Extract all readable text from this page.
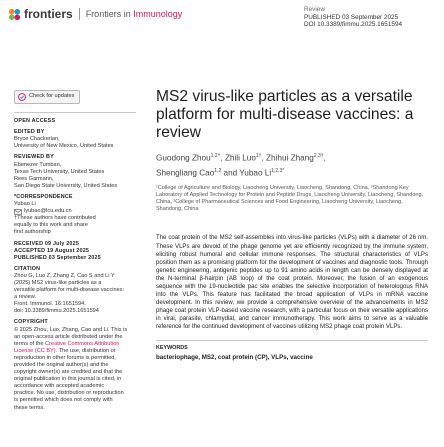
frontiers Frontiers in Immunology	Review
PUBLISHED 03 September 2025
DOI 10.3389/fimmu.2025.1651594
Check for updates
OPEN ACCESS
EDITED BY
Bryce Chackerian,
University of New Mexico, United States
REVIEWED BY
Ebenezer Tumban,
Texas Tech University, United States
Rees Garmann,
San Diego State University, United States
*CORRESPONDENCE
Yubao Li
lyubao@lcu.edu.cn
†These authors have contributed
equally to this work and share
first authorship
RECEIVED 09 July 2025
ACCEPTED 19 August 2025
PUBLISHED 03 September 2025
CITATION
Zhou G, Luo Z, Zhang Z, Cao S and Li Y
(2025) MS2 virus-like particles as a
versatile platform for multi-disease vaccines:
a review.
Front. Immunol. 16:1651594.
doi: 10.3389/fimmu.2025.1651594
COPYRIGHT
© 2025 Zhou, Luo, Zhang, Cao and Li. This is
an open-access article distributed under the
terms of the Creative Commons Attribution
License (CC BY). The use, distribution or
reproduction in other forums is permitted,
provided the original author(s) and the
copyright owner(s) are credited and that the
original publication in this journal is cited, in
accordance with accepted academic
practice. No use, distribution or reproduction
is permitted which does not comply with
these terms.
MS2 virus-like particles as a versatile platform for multi-disease vaccines: a review
Guodong Zhou$^{1,2\dagger}$, Zhili Luo$^{1\dagger}$, Zhihui Zhang$^{2,3\dagger}$,
Shengliang Cao$^{1,2}$ and Yubao $Li^{1,2,3*}$
¹College of Agriculture and Biology, Liaocheng University, Liaocheng, Shandong, China, ²Shandong Key Laboratory of Applied Technology for Protein and Peptide Drugs, Liaocheng University, Liaocheng, Shandong, China, ³College of Pharmaceutical Sciences and Food Engineering, Liaocheng University, Liaocheng, Shandong, China
The coat protein of the MS2 self-assembles into virus-like particles (VLPs) with a diameter of 26 nm. These VLPs are devoid of the phage genome yet are efficiently recognized by the immune system, eliciting robust humoral and cellular immune responses. The structural characteristics of VLPs position them as a promising platform for the development of vaccines and diagnostic tools. Through genetic engineering, antigenic peptides up to 91 amino acids in length can be densely displayed at the N-terminal β-hairpin (AB loop) of the coat protein. Moreover, the fusion of an exogenous sequence with the 19-nucleotide pac site enables the selective incorporation of heterologous RNA into the VLPs. This feature has facilitated the broad application of VLPs in mRNA vaccine development. In this review, we provide a comprehensive overview of the advancements in MS2 phage coat protein VLP-based vaccine research, with a particular focus on their versatile applications in viral, parasite, chlamydial, and cancer immunotherapy. This work aims to serve as a valuable reference for the continued development of vaccines utilizing MS2 phage coat protein VLPs.
KEYWORDS
bacteriophage, MS2, coat protein (CP), VLPs, vaccine
